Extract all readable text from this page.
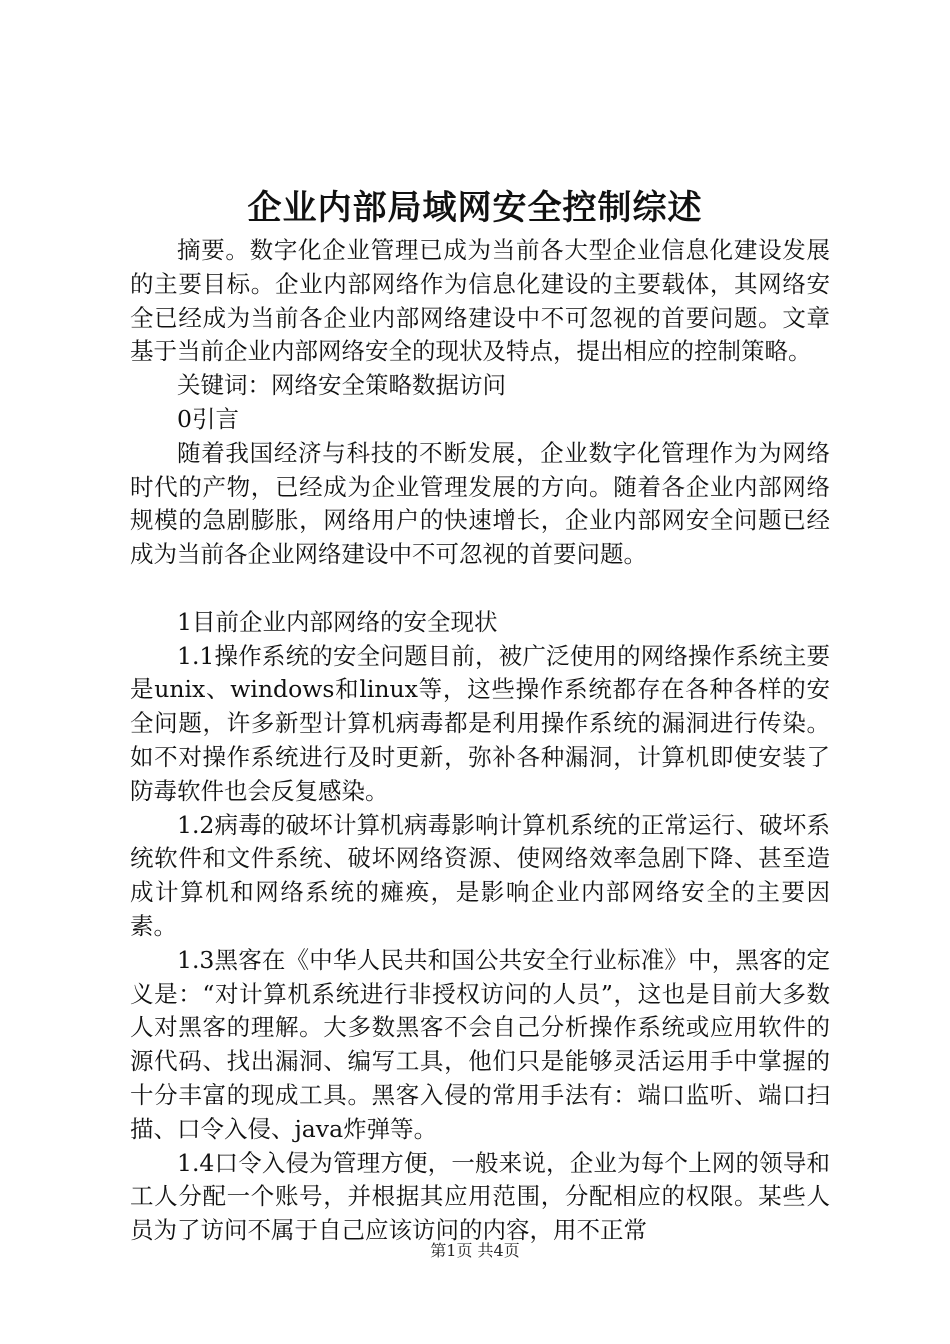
企业内部局域网安全控制综述

摘要。数字化企业管理已成为当前各大型企业信息化建设发展的主要目标。企业内部网络作为信息化建设的主要载体，其网络安全已经成为当前各企业内部网络建设中不可忽视的首要问题。文章基于当前企业内部网络安全的现状及特点，提出相应的控制策略。

关键词：网络安全策略数据访问

0引言

随着我国经济与科技的不断发展，企业数字化管理作为为网络时代的产物，已经成为企业管理发展的方向。随着各企业内部网络规模的急剧膨胀，网络用户的快速增长，企业内部网安全问题已经成为当前各企业网络建设中不可忽视的首要问题。

1目前企业内部网络的安全现状

1.1操作系统的安全问题目前，被广泛使用的网络操作系统主要是unix、windows和linux等，这些操作系统都存在各种各样的安全问题，许多新型计算机病毒都是利用操作系统的漏洞进行传染。如不对操作系统进行及时更新，弥补各种漏洞，计算机即使安装了防毒软件也会反复感染。

1.2病毒的破坏计算机病毒影响计算机系统的正常运行、破坏系统软件和文件系统、破坏网络资源、使网络效率急剧下降、甚至造成计算机和网络系统的瘫痪，是影响企业内部网络安全的主要因素。

1.3黑客在《中华人民共和国公共安全行业标准》中，黑客的定义是：“对计算机系统进行非授权访问的人员”，这也是目前大多数人对黑客的理解。大多数黑客不会自己分析操作系统或应用软件的源代码、找出漏洞、编写工具，他们只是能够灵活运用手中掌握的十分丰富的现成工具。黑客入侵的常用手法有：端口监听、端口扫描、口令入侵、java炸弹等。

1.4口令入侵为管理方便，一般来说，企业为每个上网的领导和工人分配一个账号，并根据其应用范围，分配相应的权限。某些人员为了访问不属于自己应该访问的内容，用不正常

第1页 共4页
